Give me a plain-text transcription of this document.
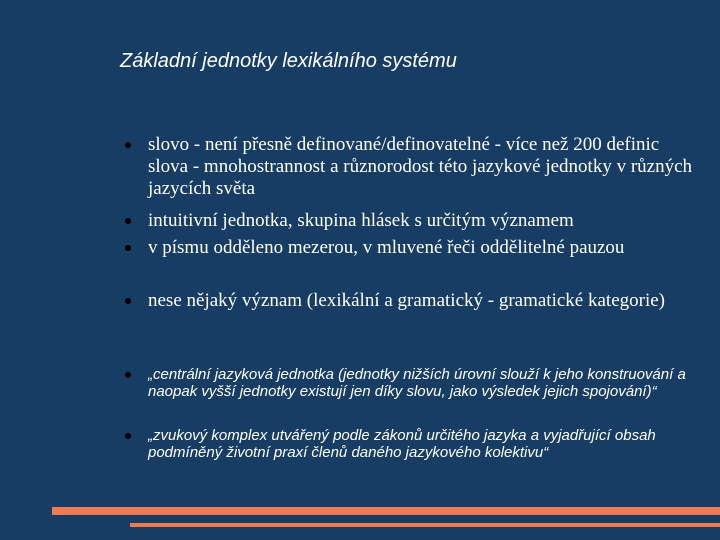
Základní jednotky lexikálního systému
slovo - není přesně definované/definovatelné - více než 200 definic slova - mnohostrannost a různorodost této jazykové jednotky v různých jazycích světa
intuitivní jednotka, skupina hlásek s určitým významem
v písmu odděleno mezerou, v mluvené řeči oddělitelné pauzou
nese nějaký význam (lexikální a gramatický - gramatické kategorie)
„centrální jazyková jednotka (jednotky nižších úrovní slouží k jeho konstruování a naopak vyšší jednotky existují jen díky slovu, jako výsledek jejich spojování)“
„zvukový komplex utvářený podle zákonů určitého jazyka a vyjadřující obsah podmíněný životní praxí členů daného jazykového kolektivu“
